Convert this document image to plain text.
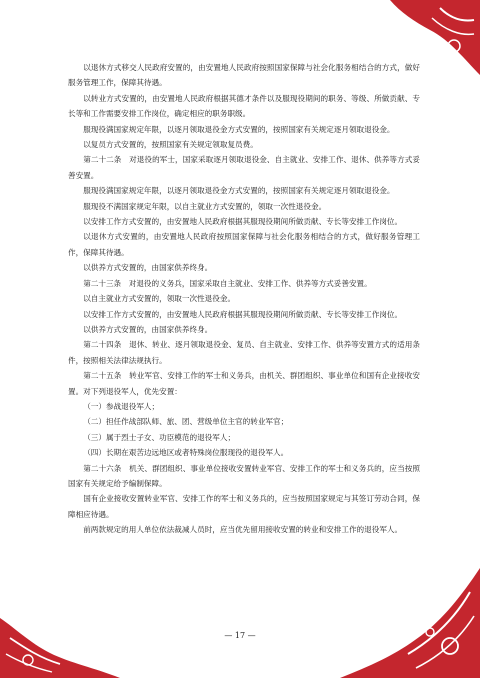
以退休方式移交人民政府安置的，由安置地人民政府按照国家保障与社会化服务相结合的方式，做好服务管理工作，保障其待遇。

以转业方式安置的，由安置地人民政府根据其德才条件以及服现役期间的职务、等级、所做贡献、专长等和工作需要安排工作岗位，确定相应的职务职级。

服现役满国家规定年限，以逐月领取退役金方式安置的，按照国家有关规定逐月领取退役金。

以复员方式安置的，按照国家有关规定领取复员费。

第二十二条　对退役的军士，国家采取逐月领取退役金、自主就业、安排工作、退休、供养等方式妥善安置。

服现役满国家规定年限，以逐月领取退役金方式安置的，按照国家有关规定逐月领取退役金。

服现役不满国家规定年限，以自主就业方式安置的，领取一次性退役金。

以安排工作方式安置的，由安置地人民政府根据其服现役期间所做贡献、专长等安排工作岗位。

以退休方式安置的，由安置地人民政府按照国家保障与社会化服务相结合的方式，做好服务管理工作，保障其待遇。

以供养方式安置的，由国家供养终身。

第二十三条　对退役的义务兵，国家采取自主就业、安排工作、供养等方式妥善安置。

以自主就业方式安置的，领取一次性退役金。

以安排工作方式安置的，由安置地人民政府根据其服现役期间所做贡献、专长等安排工作岗位。

以供养方式安置的，由国家供养终身。

第二十四条　退休、转业、逐月领取退役金、复员、自主就业、安排工作、供养等安置方式的适用条件，按照相关法律法规执行。

第二十五条　转业军官、安排工作的军士和义务兵，由机关、群团组织、事业单位和国有企业接收安置。对下列退役军人，优先安置：

（一）参战退役军人；

（二）担任作战部队师、旅、团、营级单位主官的转业军官；

（三）属于烈士子女、功臣模范的退役军人；

（四）长期在艰苦边远地区或者特殊岗位服现役的退役军人。

第二十六条　机关、群团组织、事业单位接收安置转业军官、安排工作的军士和义务兵的，应当按照国家有关规定给予编制保障。

国有企业接收安置转业军官、安排工作的军士和义务兵的，应当按照国家规定与其签订劳动合同，保障相应待遇。

前两款规定的用人单位依法裁减人员时，应当优先留用接收安置的转业和安排工作的退役军人。

— 17 —
